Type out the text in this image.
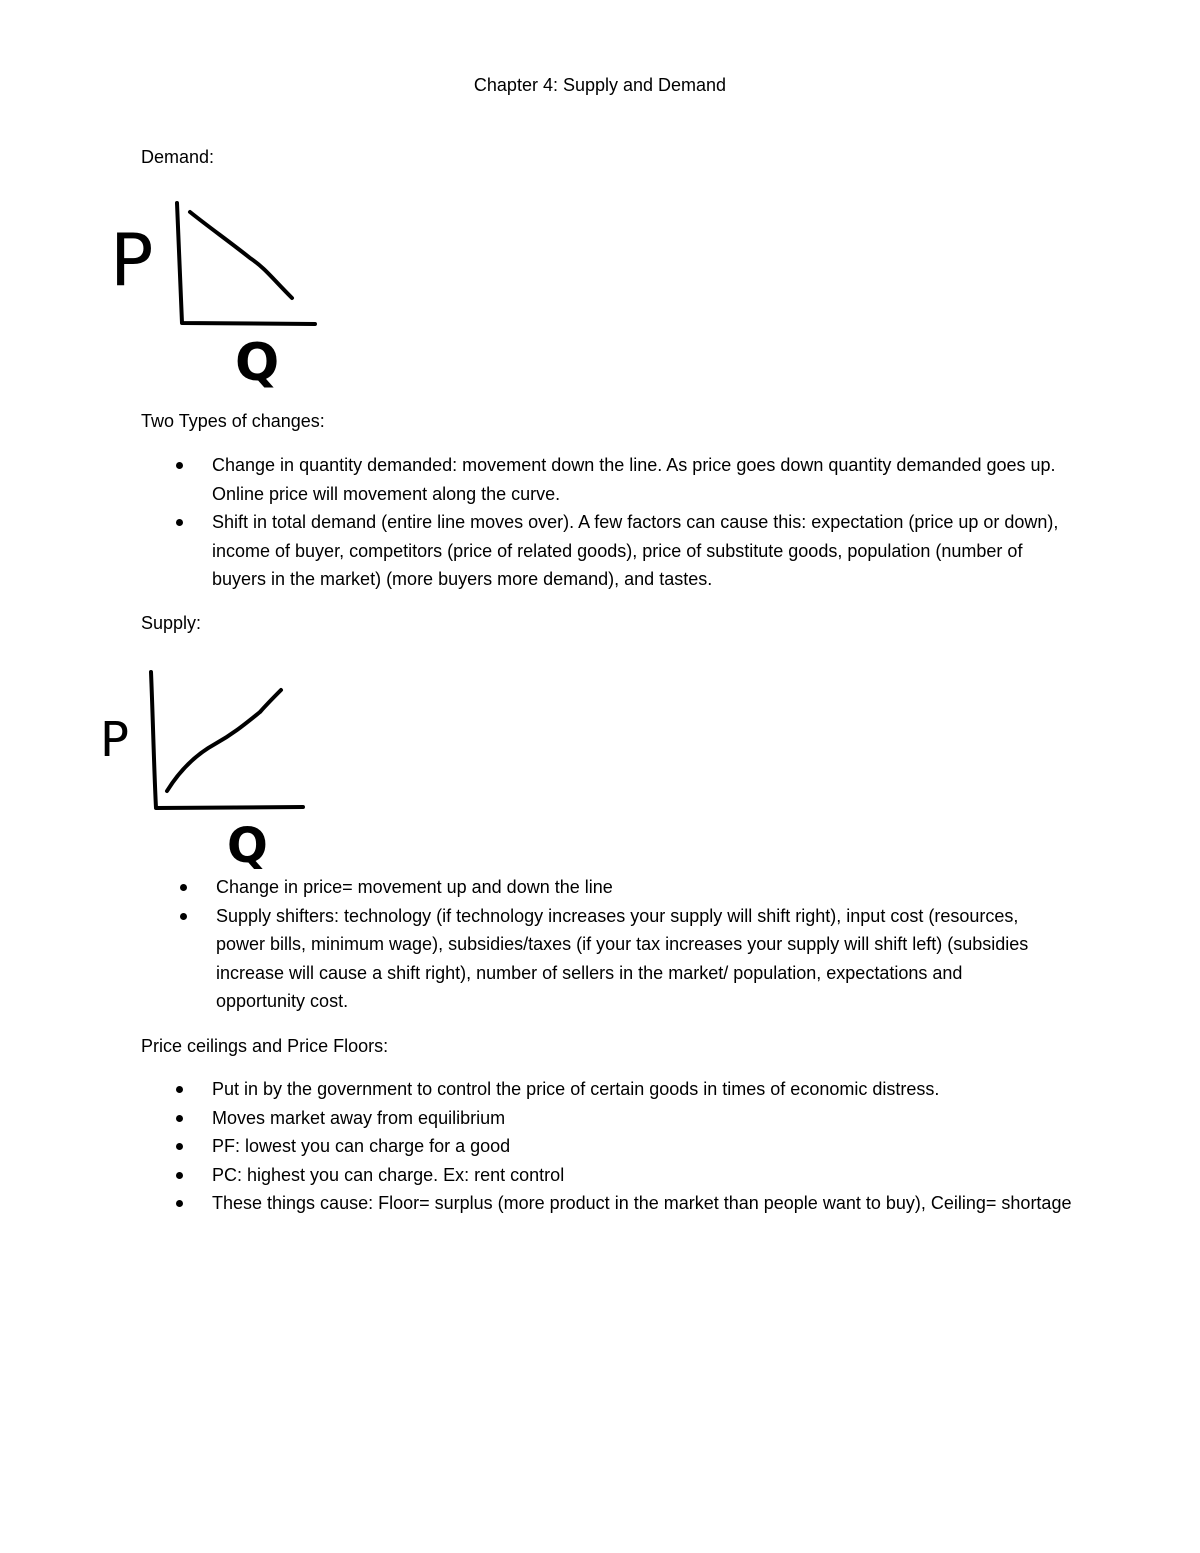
Chapter 4: Supply and Demand
Demand:
P
Q
Two Types of changes:
Change in quantity demanded: movement down the line. As price goes down quantity demanded goes up. Online price will movement along the curve.
Shift in total demand (entire line moves over). A few factors can cause this: expectation (price up or down), income of buyer, competitors (price of related goods), price of substitute goods, population (number of buyers in the market) (more buyers more demand), and tastes.
Supply:
P
Q
Change in price= movement up and down the line
Supply shifters: technology (if technology increases your supply will shift right), input cost (resources, power bills, minimum wage), subsidies/taxes (if your tax increases your supply will shift left) (subsidies increase will cause a shift right), number of sellers in the market/ population, expectations and opportunity cost.
Price ceilings and Price Floors:
Put in by the government to control the price of certain goods in times of economic distress.
Moves market away from equilibrium
PF: lowest you can charge for a good
PC: highest you can charge. Ex: rent control
These things cause: Floor= surplus (more product in the market than people want to buy), Ceiling= shortage
